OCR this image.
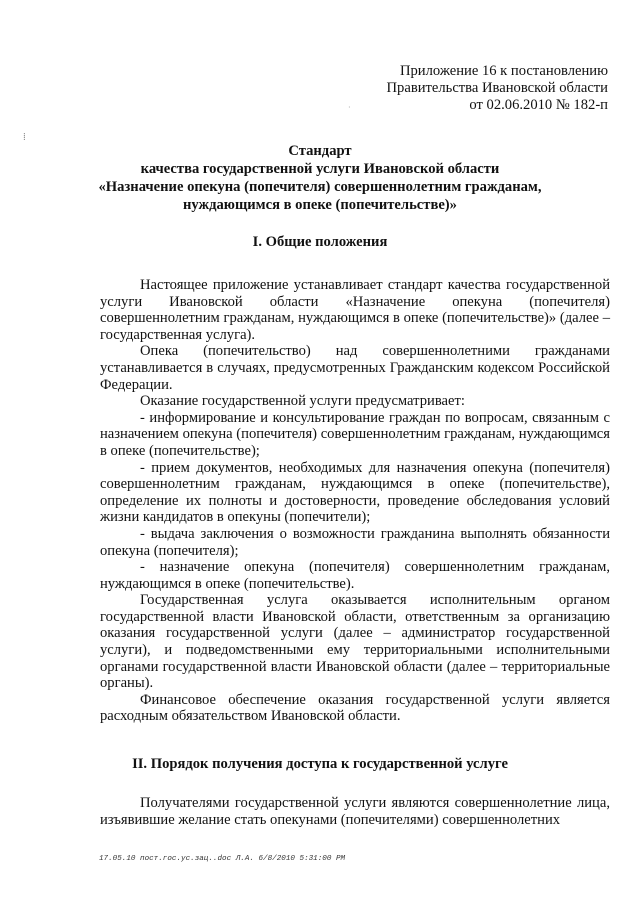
Приложение 16 к постановлению
Правительства Ивановской области
от 02.06.2010 № 182-п
·
⁞
Стандарт
качества государственной услуги Ивановской области
«Назначение опекуна (попечителя) совершеннолетним гражданам,
нуждающимся в опеке (попечительстве)»
I. Общие положения

Настоящее приложение устанавливает стандарт качества государственной услуги Ивановской области «Назначение опекуна (попечителя) совершеннолетним гражданам, нуждающимся в опеке (попечительстве)» (далее – государственная услуга).

Опека (попечительство) над совершеннолетними гражданами устанавливается в случаях, предусмотренных Гражданским кодексом Российской Федерации.

Оказание государственной услуги предусматривает:

- информирование и консультирование граждан по вопросам, связанным с назначением опекуна (попечителя) совершеннолетним гражданам, нуждающимся в опеке (попечительстве);

- прием документов, необходимых для назначения опекуна (попечителя) совершеннолетним гражданам, нуждающимся в опеке (попечительстве), определение их полноты и достоверности, проведение обследования условий жизни кандидатов в опекуны (попечители);

- выдача заключения о возможности гражданина выполнять обязанности опекуна (попечителя);

- назначение опекуна (попечителя) совершеннолетним гражданам, нуждающимся в опеке (попечительстве).

Государственная услуга оказывается исполнительным органом государственной власти Ивановской области, ответственным за организацию оказания государственной услуги (далее – администратор государственной услуги), и подведомственными ему территориальными исполнительными органами государственной власти Ивановской области (далее – территориальные органы).

Финансовое обеспечение оказания государственной услуги является расходным обязательством Ивановской области.

II. Порядок получения доступа к государственной услуге

Получателями государственной услуги являются совершеннолетние лица, изъявившие желание стать опекунами (попечителями) совершеннолетних

17.05.10 пост.гос.ус.зац..doc Л.А. 6/8/2010 5:31:00 PM
